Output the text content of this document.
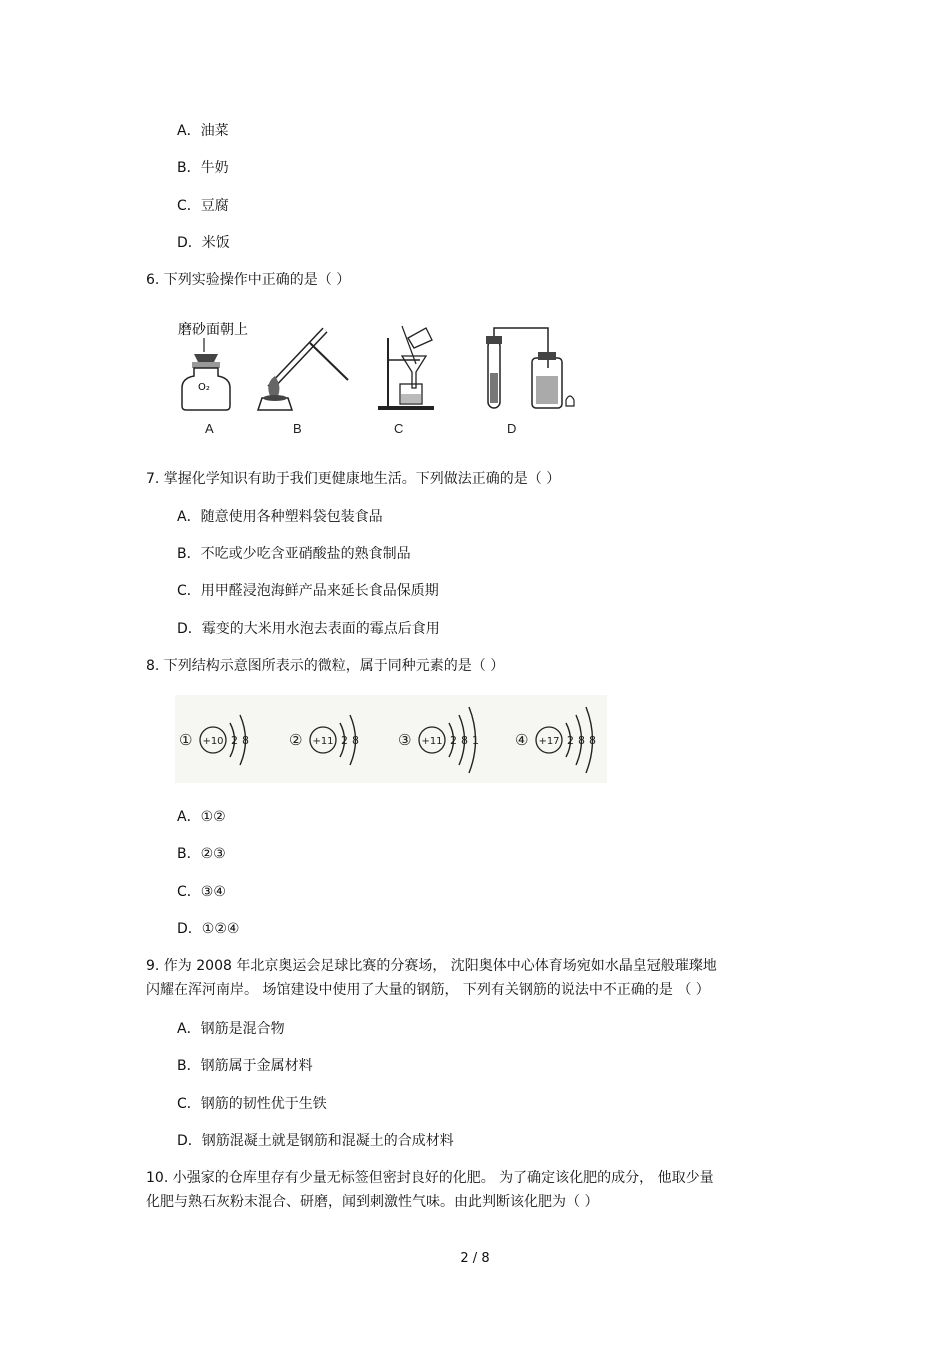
A．油菜
B．牛奶
C．豆腐
D．米饭
6. 下列实验操作中正确的是（ ）
磨砂面朝上
O₂
A	B	C	D
7. 掌握化学知识有助于我们更健康地生活。下列做法正确的是（ ）
A．随意使用各种塑料袋包装食品
B．不吃或少吃含亚硝酸盐的熟食制品
C．用甲醛浸泡海鲜产品来延长食品保质期
D．霉变的大米用水泡去表面的霉点后食用
8. 下列结构示意图所表示的微粒，属于同种元素的是（ ）
① +10 2 8	② +11 2 8	③ +11 2 8 1 ④ +17 2 8 8
A．①②
B．②③
C．③④
D．①②④
9. 作为 2008 年北京奥运会足球比赛的分赛场， 沈阳奥体中心体育场宛如水晶皇冠般璀璨地
闪耀在浑河南岸。 场馆建设中使用了大量的钢筋， 下列有关钢筋的说法中不正确的是 （ ）
A．钢筋是混合物
B．钢筋属于金属材料
C．钢筋的韧性优于生铁
D．钢筋混凝土就是钢筋和混凝土的合成材料
10. 小强家的仓库里存有少量无标签但密封良好的化肥。 为了确定该化肥的成分， 他取少量
化肥与熟石灰粉末混合、研磨，闻到刺激性气味。由此判断该化肥为（ ）
2 / 8
